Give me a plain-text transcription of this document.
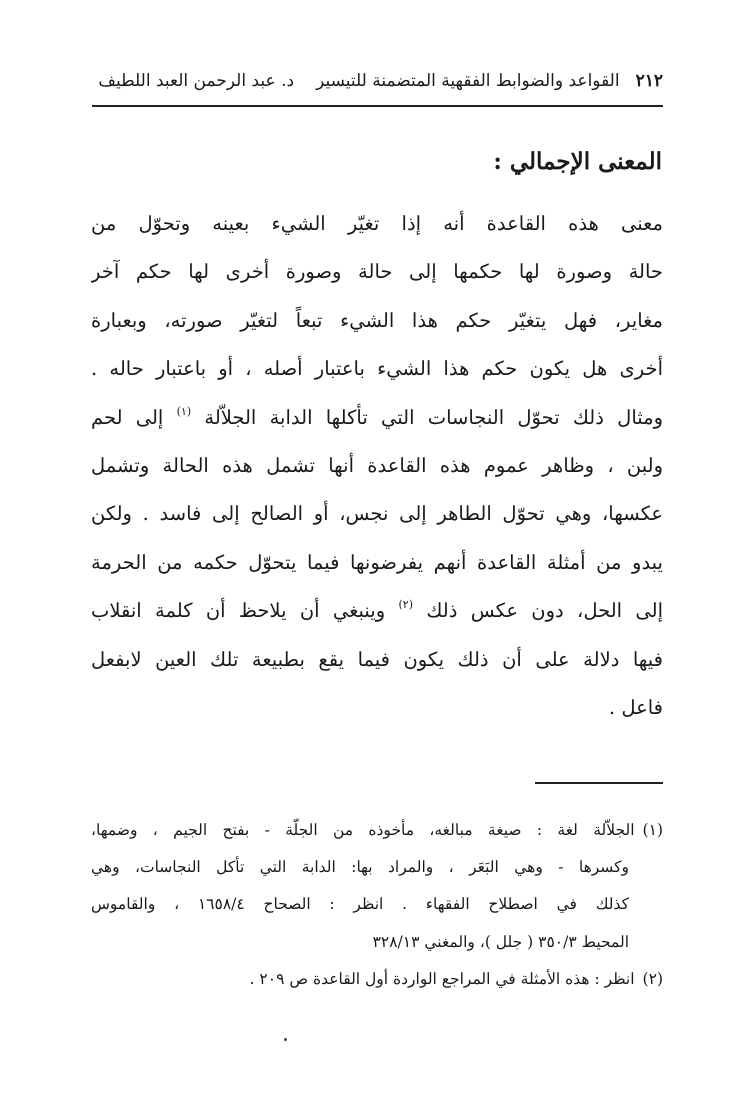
٢١٢
القواعد والضوابط الفقهية المتضمنة للتيسير
د. عبد الرحمن العبد اللطيف
المعنى الإجمالي :
معنى هذه القاعدة أنه إذا تغيّر الشيء بعينه وتحوّل من
حالة وصورة لها حكمها إلى حالة وصورة أخرى لها حكم آخر
مغاير، فهل يتغيّر حكم هذا الشيء تبعاً لتغيّر صورته، وبعبارة
أخرى هل يكون حكم هذا الشيء باعتبار أصله ، أو باعتبار حاله .
ومثال ذلك تحوّل النجاسات التي تأكلها الدابة الجلاّلة $^{(١)}$ إلى لحم
ولبن ، وظاهر عموم هذه القاعدة أنها تشمل هذه الحالة وتشمل
عكسها، وهي تحوّل الطاهر إلى نجس، أو الصالح إلى فاسد . ولكن
يبدو من أمثلة القاعدة أنهم يفرضونها فيما يتحوّل حكمه من الحرمة
إلى الحل، دون عكس ذلك $^{(٢)}$ وينبغي أن يلاحظ أن كلمة انقلاب
فيها دلالة على أن ذلك يكون فيما يقع بطبيعة تلك العين لابفعل
فاعل .
(١)الجلاّلة لغة : صيغة مبالغه، مأخوذه من الجلّة - بفتح الجيم ، وضمها،
وكسرها - وهي البَعَر ، والمراد بها: الدابة التي تأكل النجاسات، وهي
كذلك في اصطلاح الفقهاء . انظر : الصحاح ١٦٥٨/٤ ، والقاموس
المحيط ٣٥٠/٣ ( جلل )، والمغني ٣٢٨/١٣
(٢)انظر : هذه الأمثلة في المراجع الواردة أول القاعدة ص ٢٠٩ .
